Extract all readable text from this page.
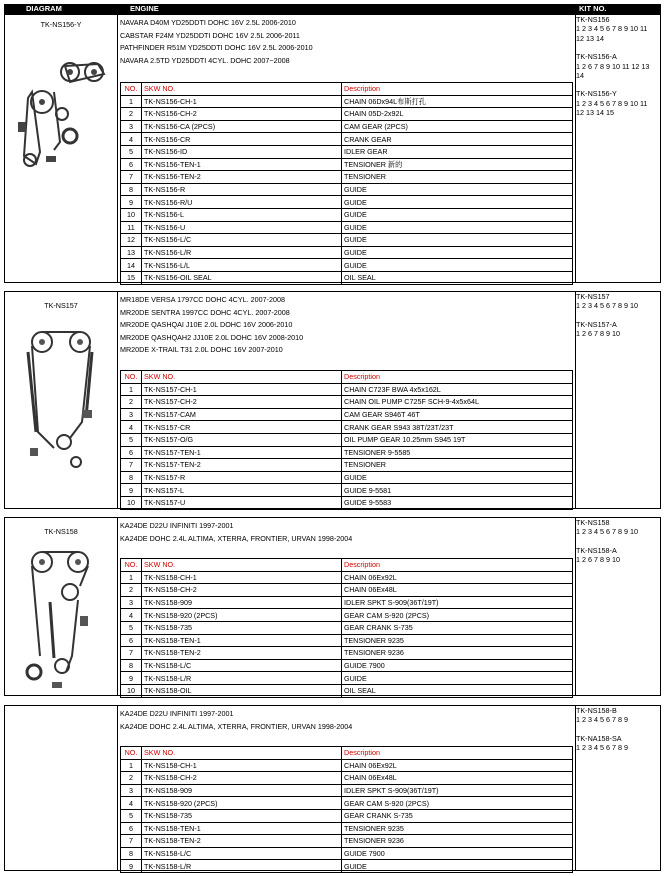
DIAGRAM	ENGINE	KIT NO.
TK-NS156-Y	NAVARA D40M YD25DDTI DOHC 16V 2.5L 2006-2010
CABSTAR F24M YD25DDTI DOHC 16V 2.5L 2006-2011
PATHFINDER R51M YD25DDTI DOHC 16V 2.5L 2006-2010
NAVARA 2.5TD YD25DDTI 4CYL. DOHC 2007~2008
NO.	SKW NO.	Description
1	TK-NS156-CH-1	CHAIN 06Dx94L布斯打孔
2	TK-NS156-CH-2	CHAIN 05D-2x92L
3	TK-NS156-CA (2PCS)	CAM GEAR (2PCS)
4	TK-NS156-CR	CRANK GEAR
5	TK-NS156-ID	IDLER GEAR
6	TK-NS156-TEN-1	TENSIONER 新的
7	TK-NS156-TEN-2	TENSIONER
8	TK-NS156-R	GUIDE
9	TK-NS156-R/U	GUIDE
10	TK-NS156-L	GUIDE
11	TK-NS156-U	GUIDE
12	TK-NS156-L/C	GUIDE
13	TK-NS156-L/R	GUIDE
14	TK-NS156-L/L	GUIDE
15	TK-NS156-OIL SEAL	OIL SEAL
TK-NS156
1 2 3 4 5 6 7 8 9 10 11
12 13 14
TK-NS156-A
1 2 6 7 8 9 10 11 12 13
14
TK-NS156-Y
1 2 3 4 5 6 7 8 9 10 11
12 13 14 15
TK-NS157
MR18DE VERSA 1797CC DOHC 4CYL. 2007-2008
MR20DE SENTRA 1997CC DOHC 4CYL. 2007-2008
MR20DE QASHQAI J10E 2.0L DOHC 16V 2006-2010
MR20DE QASHQAH2 JJ10E 2.0L DOHC 16V 2008-2010
MR20DE X-TRAIL T31 2.0L DOHC 16V 2007-2010
NO.	SKW NO.	Description
1	TK-NS157-CH-1	CHAIN C723F BWA 4x5x162L
2	TK-NS157-CH-2	CHAIN OIL PUMP C725F SCH-9-4x5x64L
3	TK-NS157-CAM	CAM GEAR S946T 46T
4	TK-NS157-CR	CRANK GEAR S943 38T/23T/23T
5	TK-NS157-O/G	OIL PUMP GEAR 10.25mm S945 19T
6	TK-NS157-TEN-1	TENSIONER 9-5585
7	TK-NS157-TEN-2	TENSIONER
8	TK-NS157-R	GUIDE
9	TK-NS157-L	GUIDE 9-5581
10	TK-NS157-U	GUIDE 9-5583
TK-NS157
1 2 3 4 5 6 7 8 9 10
TK-NS157-A
1 2 6 7 8 9 10
TK-NS158
KA24DE D22U INFINITI 1997-2001
KA24DE DOHC 2.4L ALTIMA, XTERRA, FRONTIER, URVAN 1998-2004
NO.	SKW NO.	Description
1	TK-NS158-CH-1	CHAIN 06Ex92L
2	TK-NS158-CH-2	CHAIN 06Ex48L
3	TK-NS158-909	IDLER SPKT S-909(36T/19T)
4	TK-NS158-920 (2PCS)	GEAR CAM S-920 (2PCS)
5	TK-NS158-735	GEAR CRANK S-735
6	TK-NS158-TEN-1	TENSIONER 9235
7	TK-NS158-TEN-2	TENSIONER 9236
8	TK-NS158-L/C	GUIDE 7900
9	TK-NS158-L/R	GUIDE
10	TK-NS158-OIL	OIL SEAL
TK-NS158
1 2 3 4 5 6 7 8 9 10
TK-NS158-A
1 2 6 7 8 9 10
KA24DE D22U INFINITI 1997-2001
KA24DE DOHC 2.4L ALTIMA, XTERRA, FRONTIER, URVAN 1998-2004
NO.	SKW NO.	Description
1	TK-NS158-CH-1	CHAIN 06Ex92L
2	TK-NS158-CH-2	CHAIN 06Ex48L
3	TK-NS158-909	IDLER SPKT S-909(36T/19T)
4	TK-NS158-920 (2PCS)	GEAR CAM S-920 (2PCS)
5	TK-NS158-735	GEAR CRANK S-735
6	TK-NS158-TEN-1	TENSIONER 9235
7	TK-NS158-TEN-2	TENSIONER 9236
8	TK-NS158-L/C	GUIDE 7900
9	TK-NS158-L/R	GUIDE
TK-NS158-B
1 2 3 4 5 6 7 8 9
TK-NA158-SA
1 2 3 4 5 6 7 8 9
